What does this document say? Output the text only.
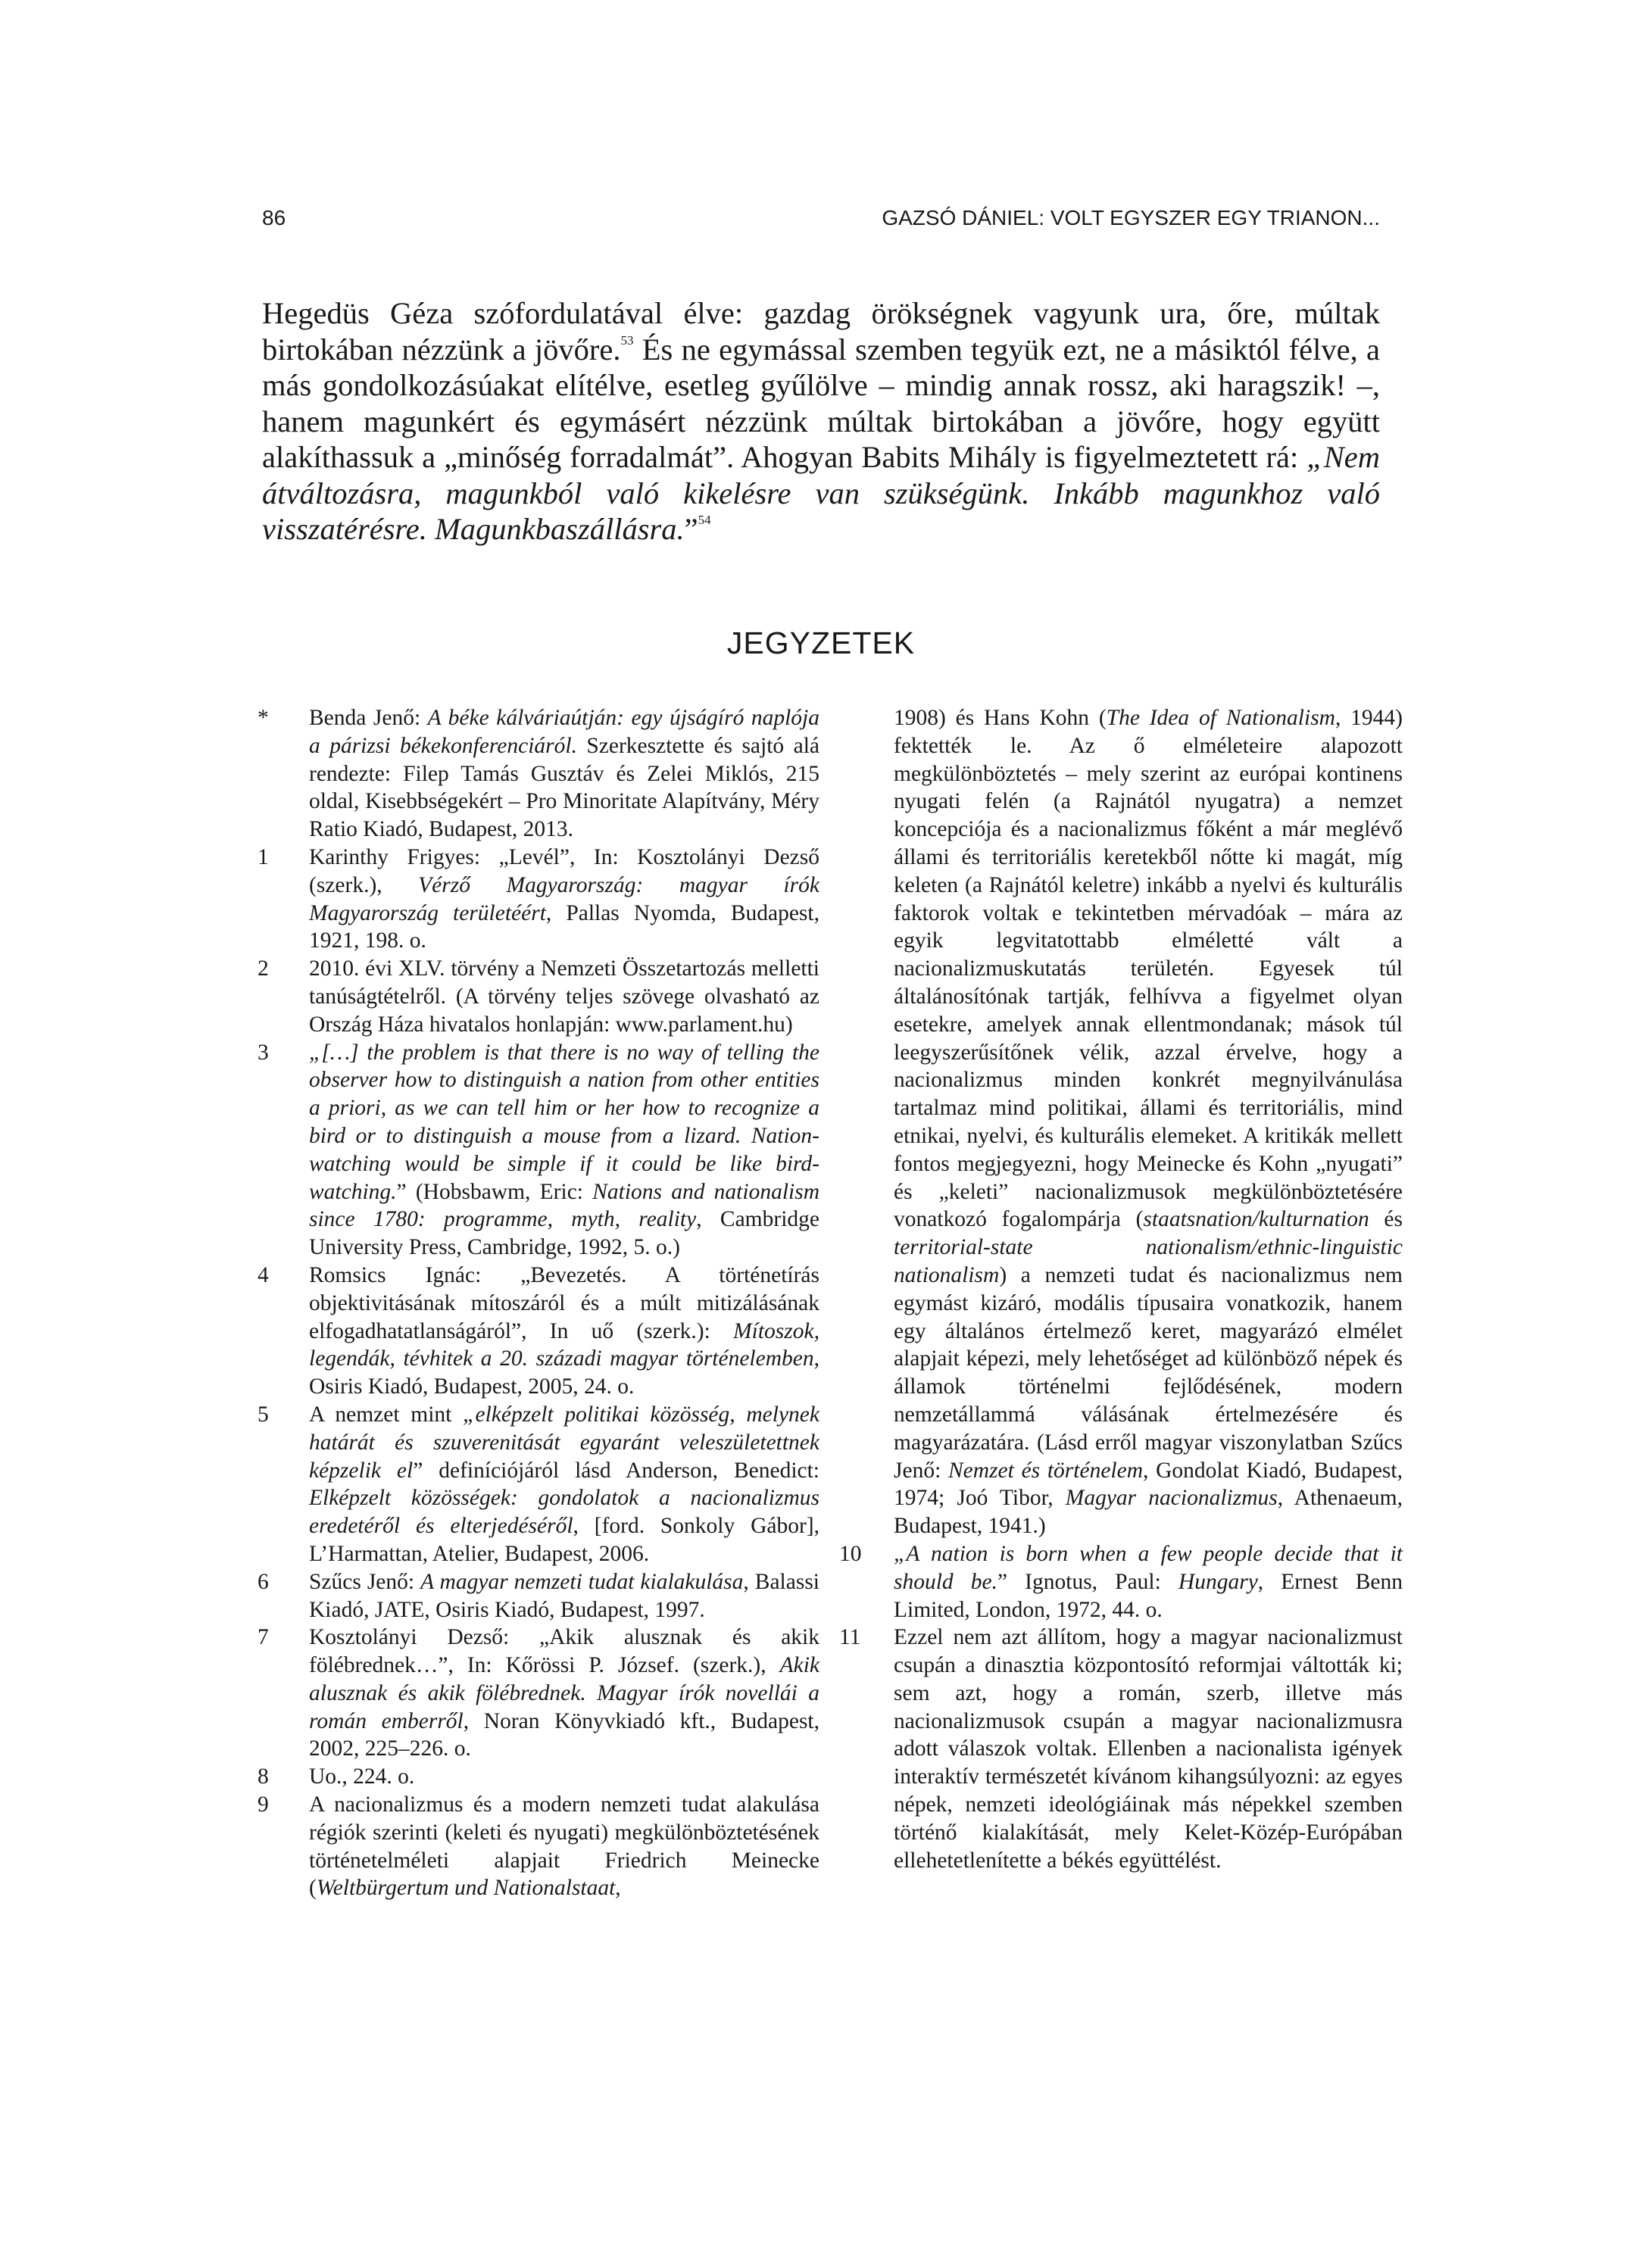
86	GAZSÓ DÁNIEL: VOLT EGYSZER EGY TRIANON...
Hegedüs Géza szófordulatával élve: gazdag örökségnek vagyunk ura, őre, múltak birtokában nézzünk a jövőre.$^{53}$ És ne egymással szemben tegyük ezt, ne a másiktól félve, a más gondolkozásúakat elítélve, esetleg gyűlölve – mindig annak rossz, aki haragszik! –, hanem magunkért és egymásért nézzünk múltak birtokában a jövőre, hogy együtt alakíthassuk a „minőség forradalmát”. Ahogyan Babits Mihály is figyelmeztetett rá: „Nem átváltozásra, magunkból való kikelésre van szükségünk. Inkább magunkhoz való visszatérésre. Magunkbaszállásra.”$^{54}$
JEGYZETEK

* Benda Jenő: A béke kálváriaútján: egy újságíró naplója a párizsi békekonferenciáról. Szerkesztette és sajtó alá rendezte: Filep Tamás Gusztáv és Zelei Miklós, 215 oldal, Kisebbségekért – Pro Minoritate Alapítvány, Méry Ratio Kiadó, Budapest, 2013.

1 Karinthy Frigyes: „Levél”, In: Kosztolányi Dezső (szerk.), Vérző Magyarország: magyar írók Magyarország területéért, Pallas Nyomda, Budapest, 1921, 198. o.

2 2010. évi XLV. törvény a Nemzeti Összetartozás melletti tanúságtételről. (A törvény teljes szövege olvasható az Ország Háza hivatalos honlapján: www.parlament.hu)

3 „[…] the problem is that there is no way of telling the observer how to distinguish a nation from other entities a priori, as we can tell him or her how to recognize a bird or to distinguish a mouse from a lizard. Nation-watching would be simple if it could be like bird-watching.” (Hobsbawm, Eric: Nations and nationalism since 1780: programme, myth, reality, Cambridge University Press, Cambridge, 1992, 5. o.)

4 Romsics Ignác: „Bevezetés. A történetírás objektivitásának mítoszáról és a múlt mitizálásának elfogadhatatlanságáról”, In uő (szerk.): Mítoszok, legendák, tévhitek a 20. századi magyar történelemben, Osiris Kiadó, Budapest, 2005, 24. o.

5 A nemzet mint „elképzelt politikai közösség, melynek határát és szuverenitását egyaránt veleszületettnek képzelik el” definíciójáról lásd Anderson, Benedict: Elképzelt közösségek: gondolatok a nacionalizmus eredetéről és elterjedéséről, [ford. Sonkoly Gábor], L’Harmattan, Atelier, Budapest, 2006.

6 Szűcs Jenő: A magyar nemzeti tudat kialakulása, Balassi Kiadó, JATE, Osiris Kiadó, Budapest, 1997.

7 Kosztolányi Dezső: „Akik alusznak és akik fölébrednek…”, In: Kőrössi P. József. (szerk.), Akik alusznak és akik fölébrednek. Magyar írók novellái a román emberről, Noran Könyvkiadó kft., Budapest, 2002, 225–226. o.

8 Uo., 224. o.

9 A nacionalizmus és a modern nemzeti tudat alakulása régiók szerinti (keleti és nyugati) megkülönböztetésének történetelméleti alapjait Friedrich Meinecke (Weltbürgertum und Nationalstaat,

1908) és Hans Kohn (The Idea of Nationalism, 1944) fektették le. Az ő elméleteire alapozott megkülönböztetés – mely szerint az európai kontinens nyugati felén (a Rajnától nyugatra) a nemzet koncepciója és a nacionalizmus főként a már meglévő állami és territoriális keretekből nőtte ki magát, míg keleten (a Rajnától keletre) inkább a nyelvi és kulturális faktorok voltak e tekintetben mérvadóak – mára az egyik legvitatottabb elméletté vált a nacionalizmuskutatás területén. Egyesek túl általánosítónak tartják, felhívva a figyelmet olyan esetekre, amelyek annak ellentmondanak; mások túl leegyszerűsítőnek vélik, azzal érvelve, hogy a nacionalizmus minden konkrét megnyilvánulása tartalmaz mind politikai, állami és territoriális, mind etnikai, nyelvi, és kulturális elemeket. A kritikák mellett fontos megjegyezni, hogy Meinecke és Kohn „nyugati” és „keleti” nacionalizmusok megkülönböztetésére vonatkozó fogalompárja (staatsnation/kulturnation és territorial-state nationalism/ethnic-linguistic nationalism) a nemzeti tudat és nacionalizmus nem egymást kizáró, modális típusaira vonatkozik, hanem egy általános értelmező keret, magyarázó elmélet alapjait képezi, mely lehetőséget ad különböző népek és államok történelmi fejlődésének, modern nemzetállammá válásának értelmezésére és magyarázatára. (Lásd erről magyar viszonylatban Szűcs Jenő: Nemzet és történelem, Gondolat Kiadó, Budapest, 1974; Joó Tibor, Magyar nacionalizmus, Athenaeum, Budapest, 1941.)

10 „A nation is born when a few people decide that it should be.” Ignotus, Paul: Hungary, Ernest Benn Limited, London, 1972, 44. o.

11 Ezzel nem azt állítom, hogy a magyar nacionalizmust csupán a dinasztia központosító reformjai váltották ki; sem azt, hogy a román, szerb, illetve más nacionalizmusok csupán a magyar nacionalizmusra adott válaszok voltak. Ellenben a nacionalista igények interaktív természetét kívánom kihangsúlyozni: az egyes népek, nemzeti ideológiáinak más népekkel szemben történő kialakítását, mely Kelet-Közép-Európában ellehetetlenítette a békés együttélést.
